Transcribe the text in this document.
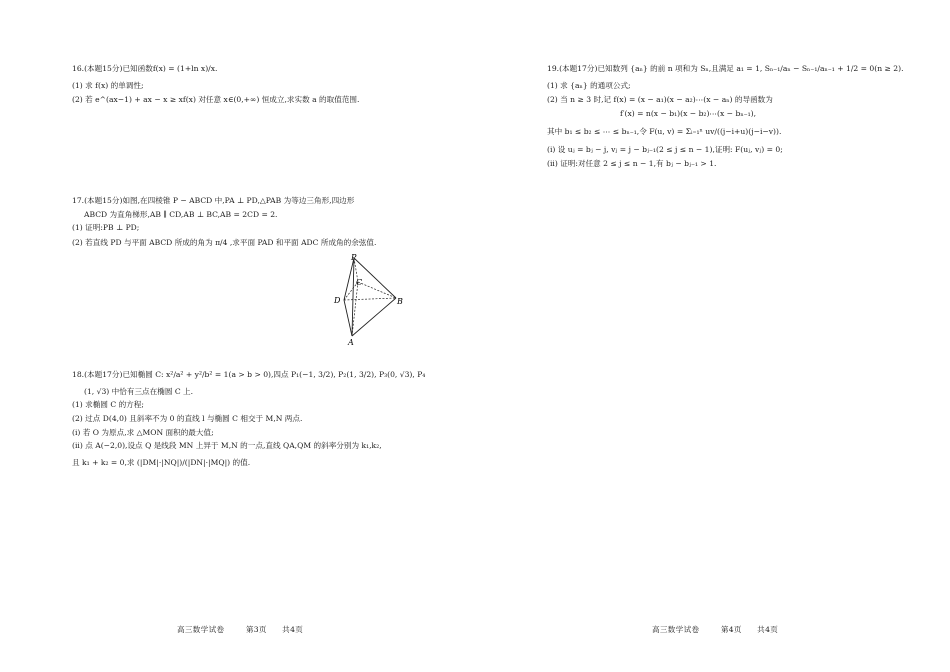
16.(本题15分)已知函数f(x) = (1+ln x)/x.
(1) 求 f(x) 的单调性;
(2) 若 e^(ax−1) + ax − x ≥ xf(x) 对任意 x∈(0,+∞) 恒成立,求实数 a 的取值范围.
17.(本题15分)如图,在四棱锥 P − ABCD 中,PA ⊥ PD,△PAB 为等边三角形,四边形
ABCD 为直角梯形,AB ∥ CD,AB ⊥ BC,AB = 2CD = 2.
(1) 证明:PB ⊥ PD;
(2) 若直线 PD 与平面 ABCD 所成的角为 π/4 ,求平面 PAD 和平面 ADC 所成角的余弦值.
P
C
D	B
A
18.(本题17分)已知椭圆 C: x²/a² + y²/b² = 1(a > b > 0),四点 P₁(−1, 3/2), P₂(1, 3/2), P₃(0, √3), P₄
(1, √3) 中恰有三点在椭圆 C 上.
(1) 求椭圆 C 的方程;
(2) 过点 D(4,0) 且斜率不为 0 的直线 l 与椭圆 C 相交于 M,N 两点.
(i) 若 O 为原点,求 △MON 面积的最大值;
(ii) 点 A(−2,0),设点 Q 是线段 MN 上异于 M,N 的一点,直线 QA,QM 的斜率分别为 k₁,k₂,
且 k₁ + k₂ = 0,求 (|DM|·|NQ|)/(|DN|·|MQ|) 的值.
高三数学试卷	第3页 共4页
19.(本题17分)已知数列 {aₙ} 的前 n 项和为 Sₙ,且满足 a₁ = 1, Sₙ₋₁/aₙ − Sₙ₋₁/aₙ₋₁ + 1/2 = 0(n ≥ 2).
(1) 求 {aₙ} 的通项公式;
(2) 当 n ≥ 3 时,记 f(x) = (x − a₁)(x − a₂)⋯(x − aₙ) 的导函数为
f′(x) = n(x − b₁)(x − b₂)⋯(x − bₙ₋₁),
其中 b₁ ≤ b₂ ≤ ⋯ ≤ bₙ₋₁,令 F(u, v) = Σᵢ₌₁ⁿ uv/((j−i+u)(j−i−v)).
(i) 设 uⱼ = bⱼ − j, vⱼ = j − bⱼ₋₁(2 ≤ j ≤ n − 1),证明: F(uⱼ, vⱼ) = 0;
(ii) 证明:对任意 2 ≤ j ≤ n − 1,有 bⱼ − bⱼ₋₁ > 1.
高三数学试卷	第4页 共4页
